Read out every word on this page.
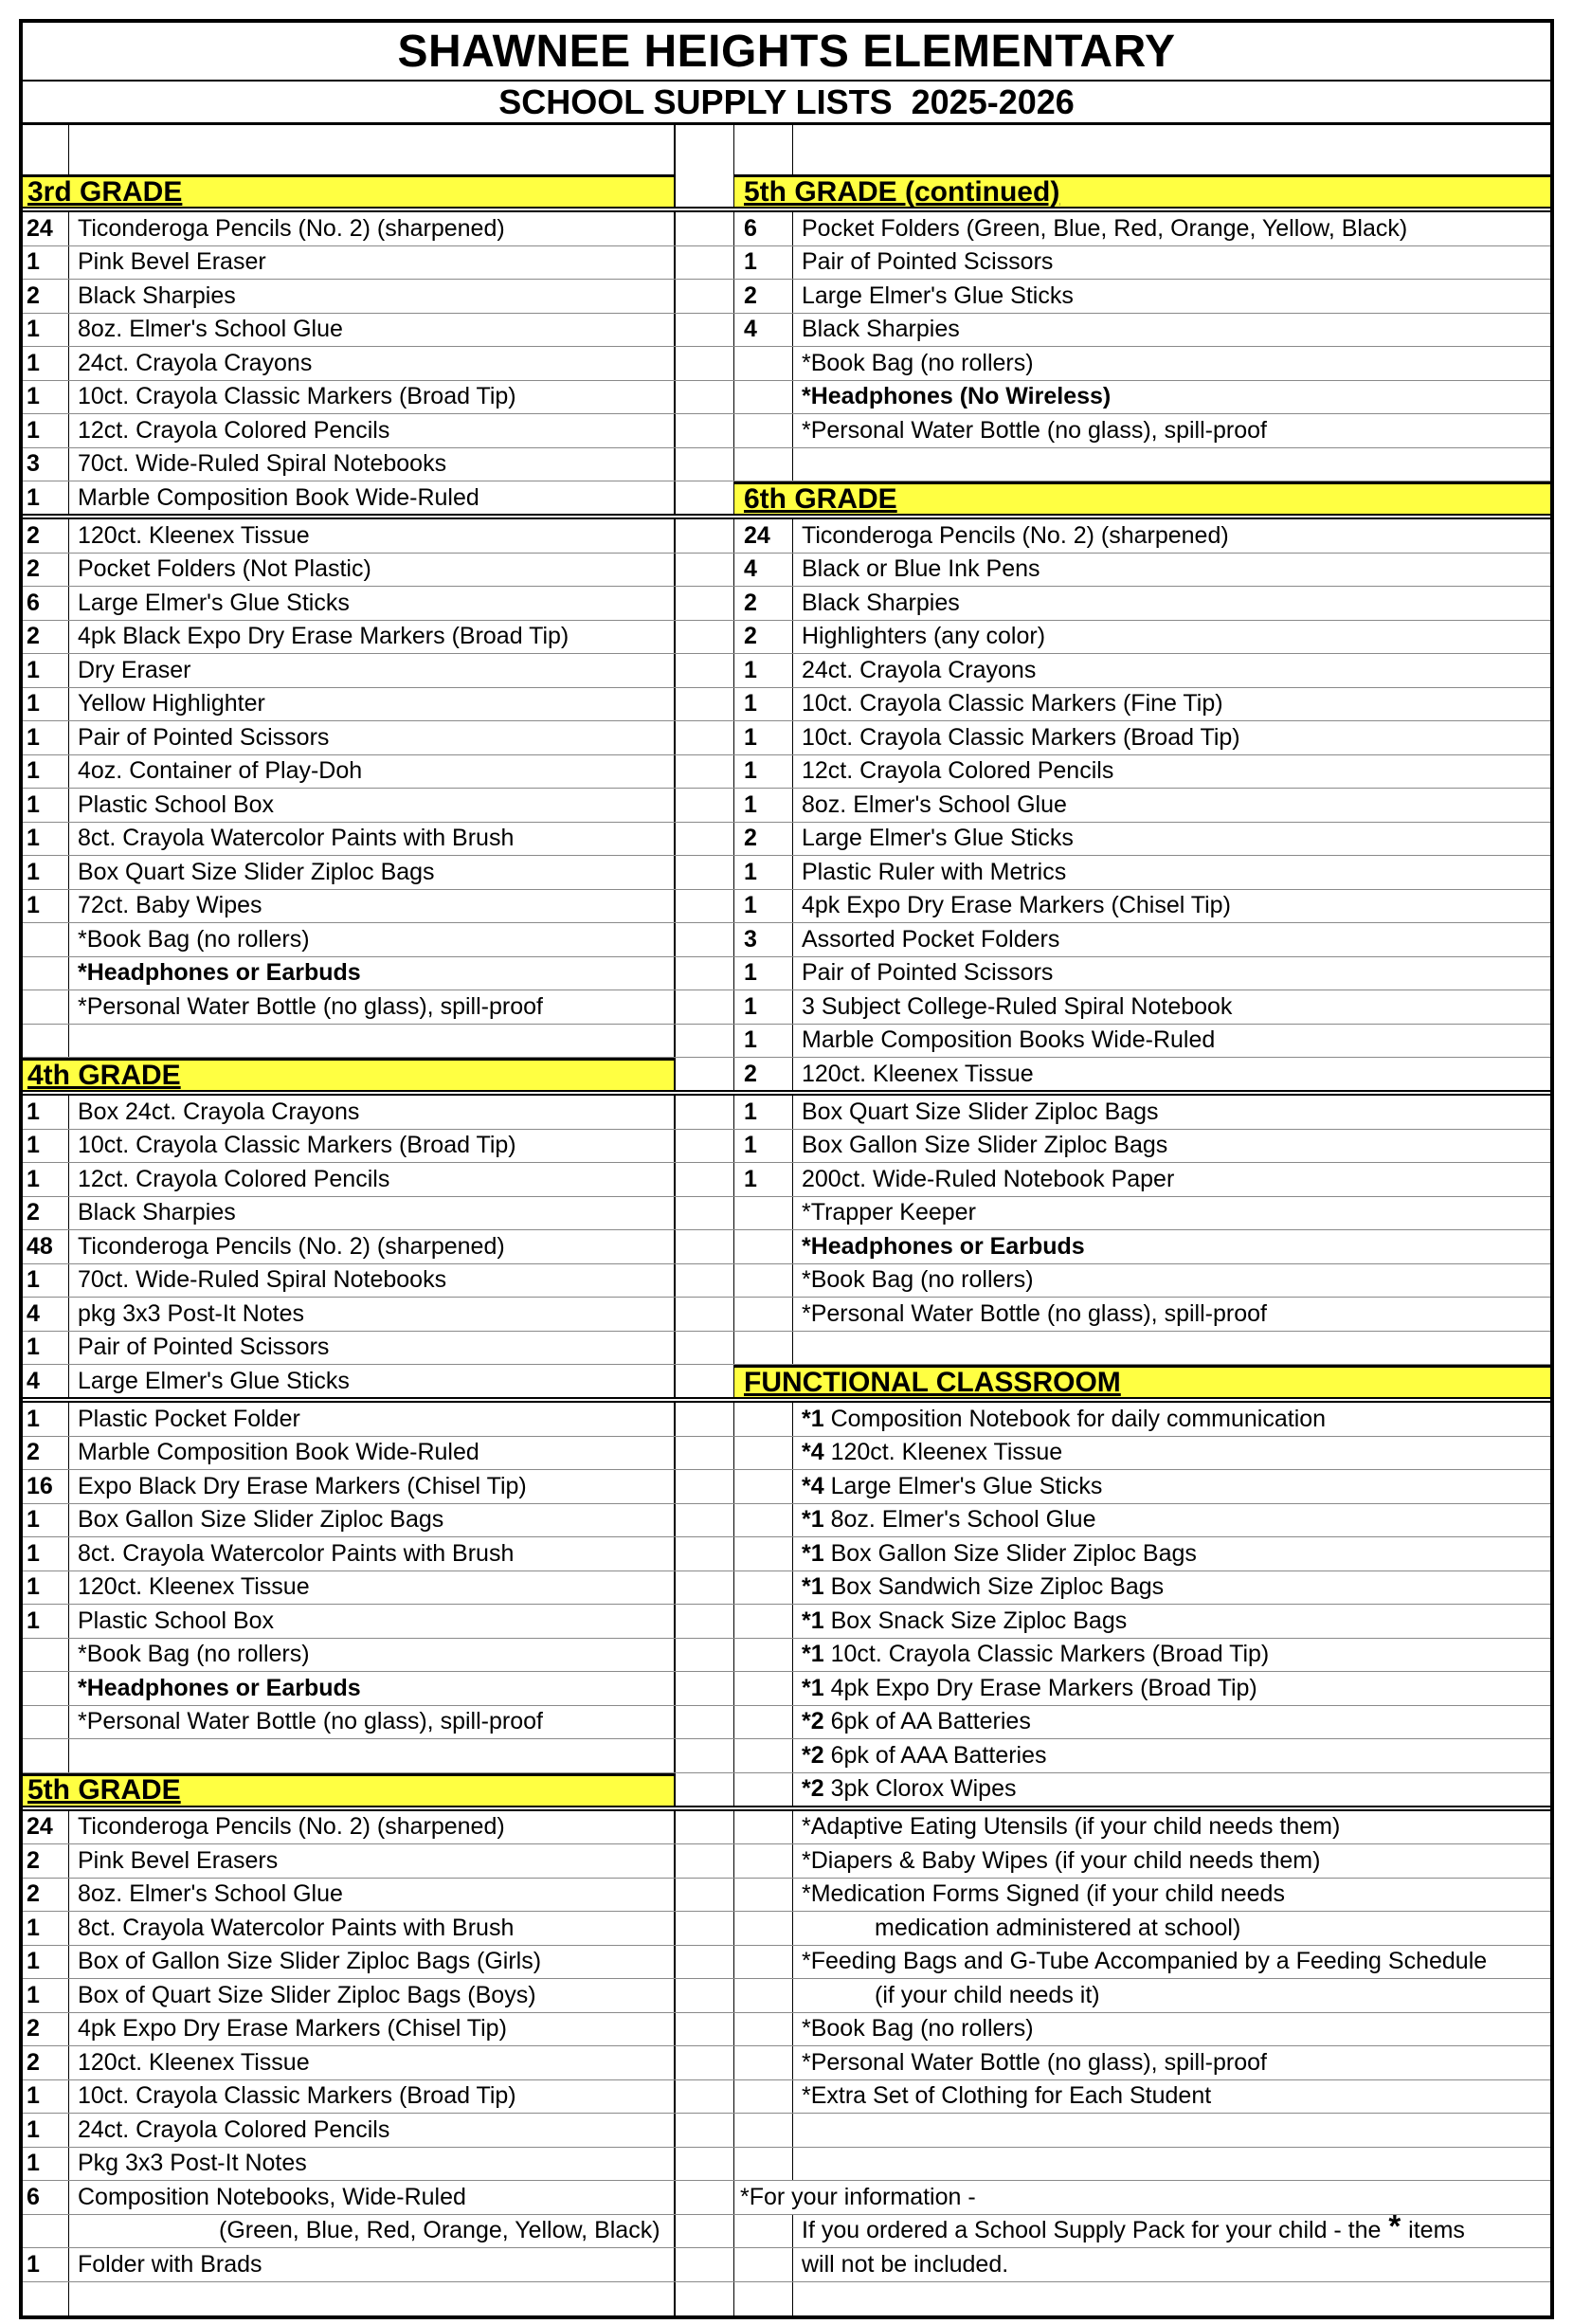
SHAWNEE HEIGHTS ELEMENTARY
SCHOOL SUPPLY LISTS  2025-2026
3rd GRADE	5th GRADE (continued)
24	Ticonderoga Pencils (No. 2) (sharpened)	6	Pocket Folders (Green, Blue, Red, Orange, Yellow, Black)
1	Pink Bevel Eraser	1	Pair of Pointed Scissors
2	Black Sharpies	2	Large Elmer's Glue Sticks
1	8oz. Elmer's School Glue	4	Black Sharpies
1	24ct. Crayola Crayons	*Book Bag (no rollers)
1	10ct. Crayola Classic Markers (Broad Tip)	*Headphones (No Wireless)
1	12ct. Crayola Colored Pencils	*Personal Water Bottle (no glass), spill-proof
3	70ct. Wide-Ruled Spiral Notebooks
1	Marble Composition Book Wide-Ruled	6th GRADE
2	120ct. Kleenex Tissue	24	Ticonderoga Pencils (No. 2) (sharpened)
2	Pocket Folders (Not Plastic)	4	Black or Blue Ink Pens
6	Large Elmer's Glue Sticks	2	Black Sharpies
2	4pk Black Expo Dry Erase Markers (Broad Tip)	2	Highlighters (any color)
1	Dry Eraser	1	24ct. Crayola Crayons
1	Yellow Highlighter	1	10ct. Crayola Classic Markers (Fine Tip)
1	Pair of Pointed Scissors	1	10ct. Crayola Classic Markers (Broad Tip)
1	4oz. Container of Play-Doh	1	12ct. Crayola Colored Pencils
1	Plastic School Box	1	8oz. Elmer's School Glue
1	8ct. Crayola Watercolor Paints with Brush	2	Large Elmer's Glue Sticks
1	Box Quart Size Slider Ziploc Bags	1	Plastic Ruler with Metrics
1	72ct. Baby Wipes	1	4pk Expo Dry Erase Markers (Chisel Tip)
*Book Bag (no rollers)	3	Assorted Pocket Folders
*Headphones or Earbuds	1	Pair of Pointed Scissors
*Personal Water Bottle (no glass), spill-proof	1	3 Subject College-Ruled Spiral Notebook
1	Marble Composition Books Wide-Ruled
4th GRADE	2	120ct. Kleenex Tissue
1	Box 24ct. Crayola Crayons	1	Box Quart Size Slider Ziploc Bags
1	10ct. Crayola Classic Markers (Broad Tip)	1	Box Gallon Size Slider Ziploc Bags
1	12ct. Crayola Colored Pencils	1	200ct. Wide-Ruled Notebook Paper
2	Black Sharpies	*Trapper Keeper
48	Ticonderoga Pencils (No. 2) (sharpened)	*Headphones or Earbuds
1	70ct. Wide-Ruled Spiral Notebooks	*Book Bag (no rollers)
4	pkg 3x3 Post-It Notes	*Personal Water Bottle (no glass), spill-proof
1	Pair of Pointed Scissors
4	Large Elmer's Glue Sticks	FUNCTIONAL CLASSROOM
1	Plastic Pocket Folder	*1 Composition Notebook for daily communication
2	Marble Composition Book Wide-Ruled	*4 120ct. Kleenex Tissue
16	Expo Black Dry Erase Markers (Chisel Tip)	*4 Large Elmer's Glue Sticks
1	Box Gallon Size Slider Ziploc Bags	*1 8oz. Elmer's School Glue
1	8ct. Crayola Watercolor Paints with Brush	*1 Box Gallon Size Slider Ziploc Bags
1	120ct. Kleenex Tissue	*1 Box Sandwich Size Ziploc Bags
1	Plastic School Box	*1 Box Snack Size Ziploc Bags
*Book Bag (no rollers)	*1 10ct. Crayola Classic Markers (Broad Tip)
*Headphones or Earbuds	*1 4pk Expo Dry Erase Markers (Broad Tip)
*Personal Water Bottle (no glass), spill-proof	*2 6pk of AA Batteries
*2 6pk of AAA Batteries
5th GRADE	*2 3pk Clorox Wipes
24	Ticonderoga Pencils (No. 2) (sharpened)	*Adaptive Eating Utensils (if your child needs them)
2	Pink Bevel Erasers	*Diapers & Baby Wipes (if your child needs them)
2	8oz. Elmer's School Glue	*Medication Forms Signed (if your child needs
1	8ct. Crayola Watercolor Paints with Brush	medication administered at school)
1	Box of Gallon Size Slider Ziploc Bags (Girls)	*Feeding Bags and G-Tube Accompanied by a Feeding Schedule
1	Box of Quart Size Slider Ziploc Bags (Boys)	(if your child needs it)
2	4pk Expo Dry Erase Markers (Chisel Tip)	*Book Bag (no rollers)
2	120ct. Kleenex Tissue	*Personal Water Bottle (no glass), spill-proof
1	10ct. Crayola Classic Markers (Broad Tip)	*Extra Set of Clothing for Each Student
1	24ct. Crayola Colored Pencils
1	Pkg 3x3 Post-It Notes
6	Composition Notebooks, Wide-Ruled	*For your information -
(Green, Blue, Red, Orange, Yellow, Black)	If you ordered a School Supply Pack for your child - the * items
1	Folder with Brads	will not be included.
